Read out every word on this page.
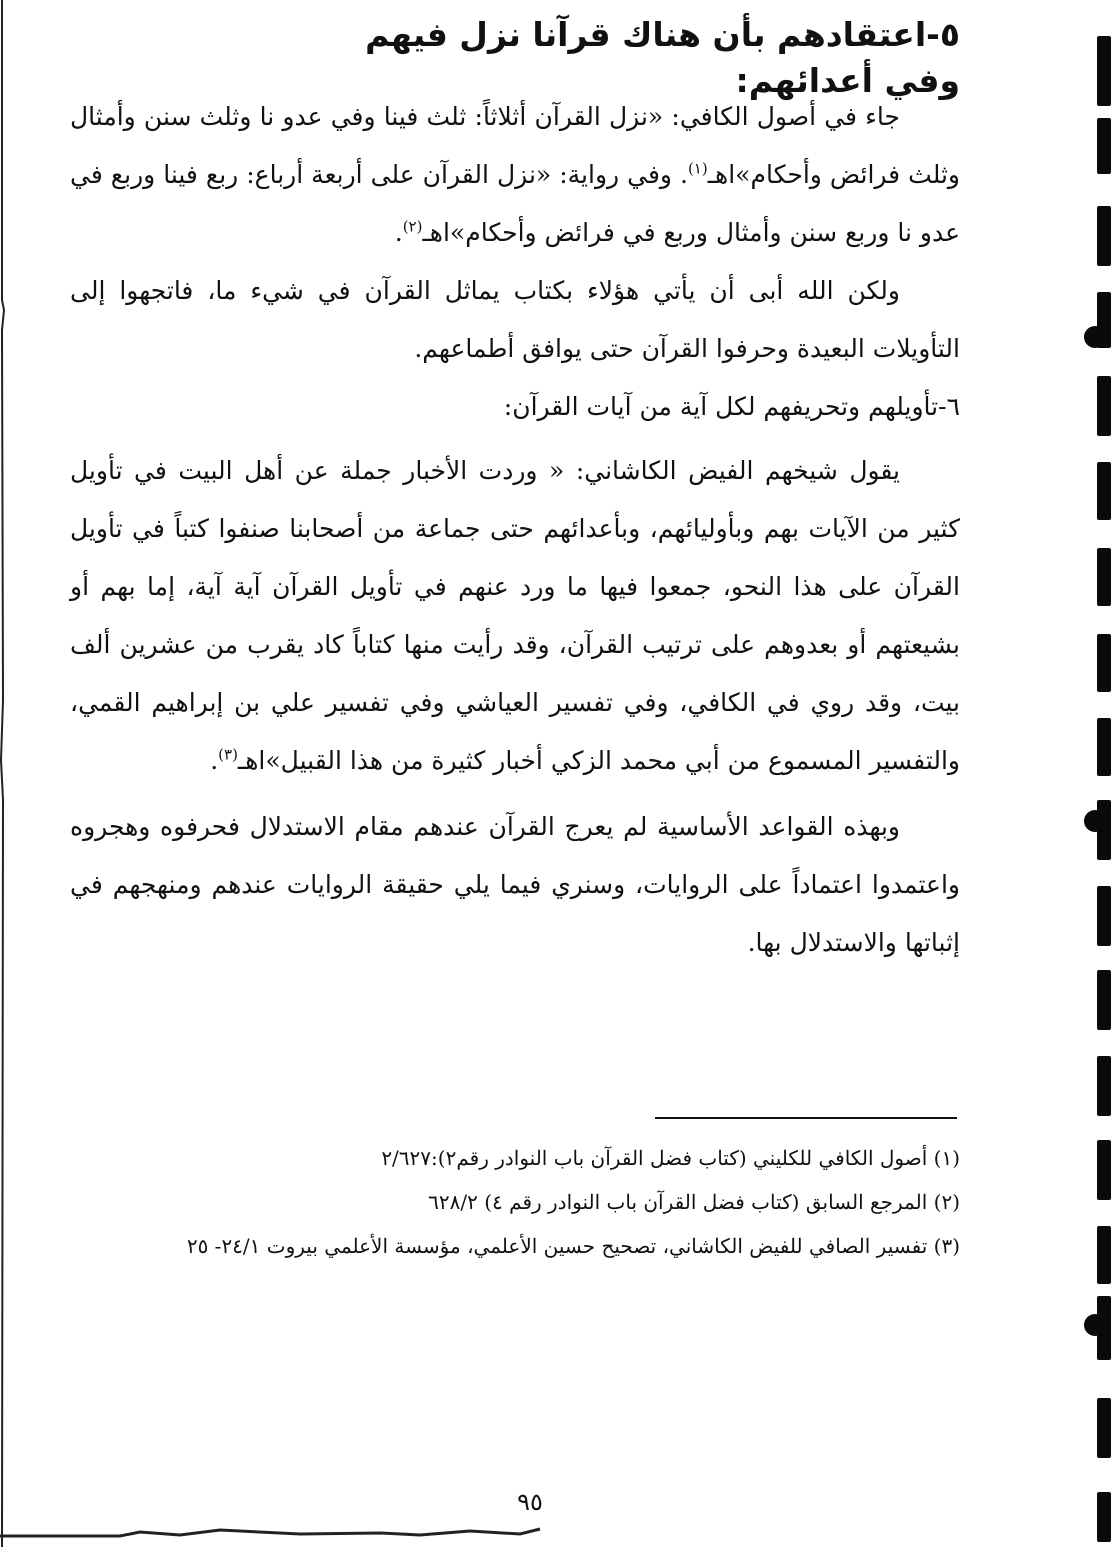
٥-اعتقادهم بأن هناك قرآنا نزل فيهم وفي أعدائهم:

جاء في أصول الكافي: «نزل القرآن أثلاثاً: ثلث فينا وفي عدو نا وثلث سنن وأمثال وثلث فرائض وأحكام»اهـ$^{(١)}$. وفي رواية: «نزل القرآن على أربعة أرباع: ربع فينا وربع في عدو نا وربع سنن وأمثال وربع في فرائض وأحكام»اهـ$^{(٢)}$.

ولكن الله أبى أن يأتي هؤلاء بكتاب يماثل القرآن في شيء ما، فاتجهوا إلى التأويلات البعيدة وحرفوا القرآن حتى يوافق أطماعهم.

٦-تأويلهم وتحريفهم لكل آية من آيات القرآن:

يقول شيخهم الفيض الكاشاني: « وردت الأخبار جملة عن أهل البيت في تأويل كثير من الآيات بهم وبأوليائهم، وبأعدائهم حتى جماعة من أصحابنا صنفوا كتباً في تأويل القرآن على هذا النحو، جمعوا فيها ما ورد عنهم في تأويل القرآن آية آية، إما بهم أو بشيعتهم أو بعدوهم على ترتيب القرآن، وقد رأيت منها كتاباً كاد يقرب من عشرين ألف بيت، وقد روي في الكافي، وفي تفسير العياشي وفي تفسير علي بن إبراهيم القمي، والتفسير المسموع من أبي محمد الزكي أخبار كثيرة من هذا القبيل»اهـ$^{(٣)}$.

وبهذه القواعد الأساسية لم يعرج القرآن عندهم مقام الاستدلال فحرفوه وهجروه واعتمدوا اعتماداً على الروايات، وسنري فيما يلي حقيقة الروايات عندهم ومنهجهم في إثباتها والاستدلال بها.

(١) أصول الكافي للكليني (كتاب فضل القرآن باب النوادر رقم٢):٢/٦٢٧

(٢) المرجع السابق (كتاب فضل القرآن باب النوادر رقم ٤) ٦٢٨/٢

(٣) تفسير الصافي للفيض الكاشاني، تصحيح حسين الأعلمي، مؤسسة الأعلمي بيروت ٢٤/١- ٢٥

٩٥
